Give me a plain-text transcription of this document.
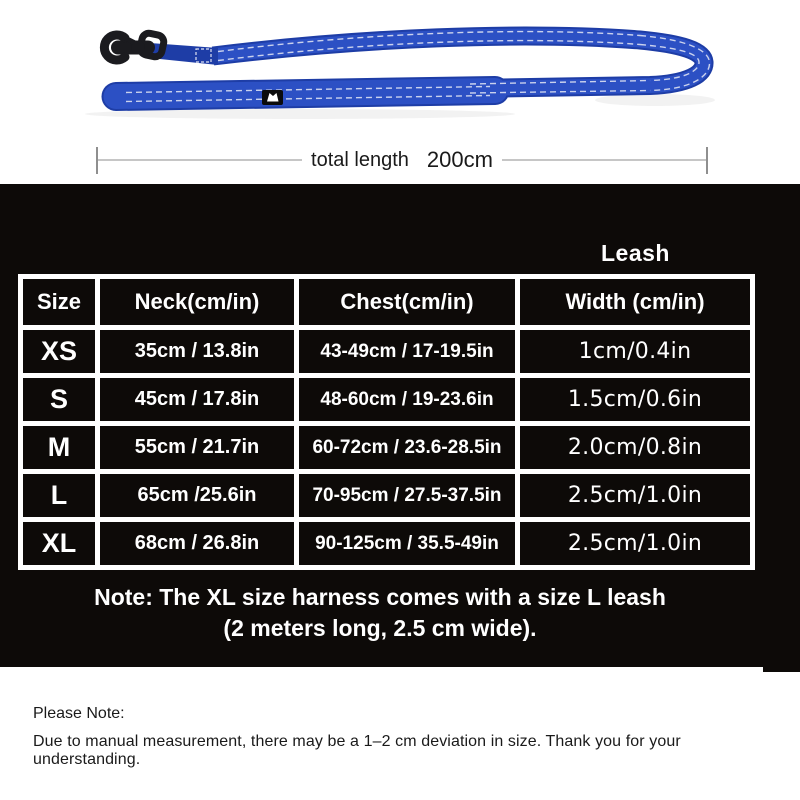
total length 200cm
Leash
Size	Neck(cm/in)	Chest(cm/in)	Width (cm/in)
XS	35cm / 13.8in	43-49cm / 17-19.5in	1cm/0.4in
S	45cm / 17.8in	48-60cm / 19-23.6in	1.5cm/0.6in
M	55cm / 21.7in	60-72cm / 23.6-28.5in	2.0cm/0.8in
L	65cm /25.6in	70-95cm / 27.5-37.5in	2.5cm/1.0in
XL	68cm / 26.8in	90-125cm / 35.5-49in	2.5cm/1.0in
Note: The XL size harness comes with a size L leash
(2 meters long, 2.5 cm wide).
Please Note:
Due to manual measurement, there may be a 1–2 cm deviation in size. Thank you for your understanding.
